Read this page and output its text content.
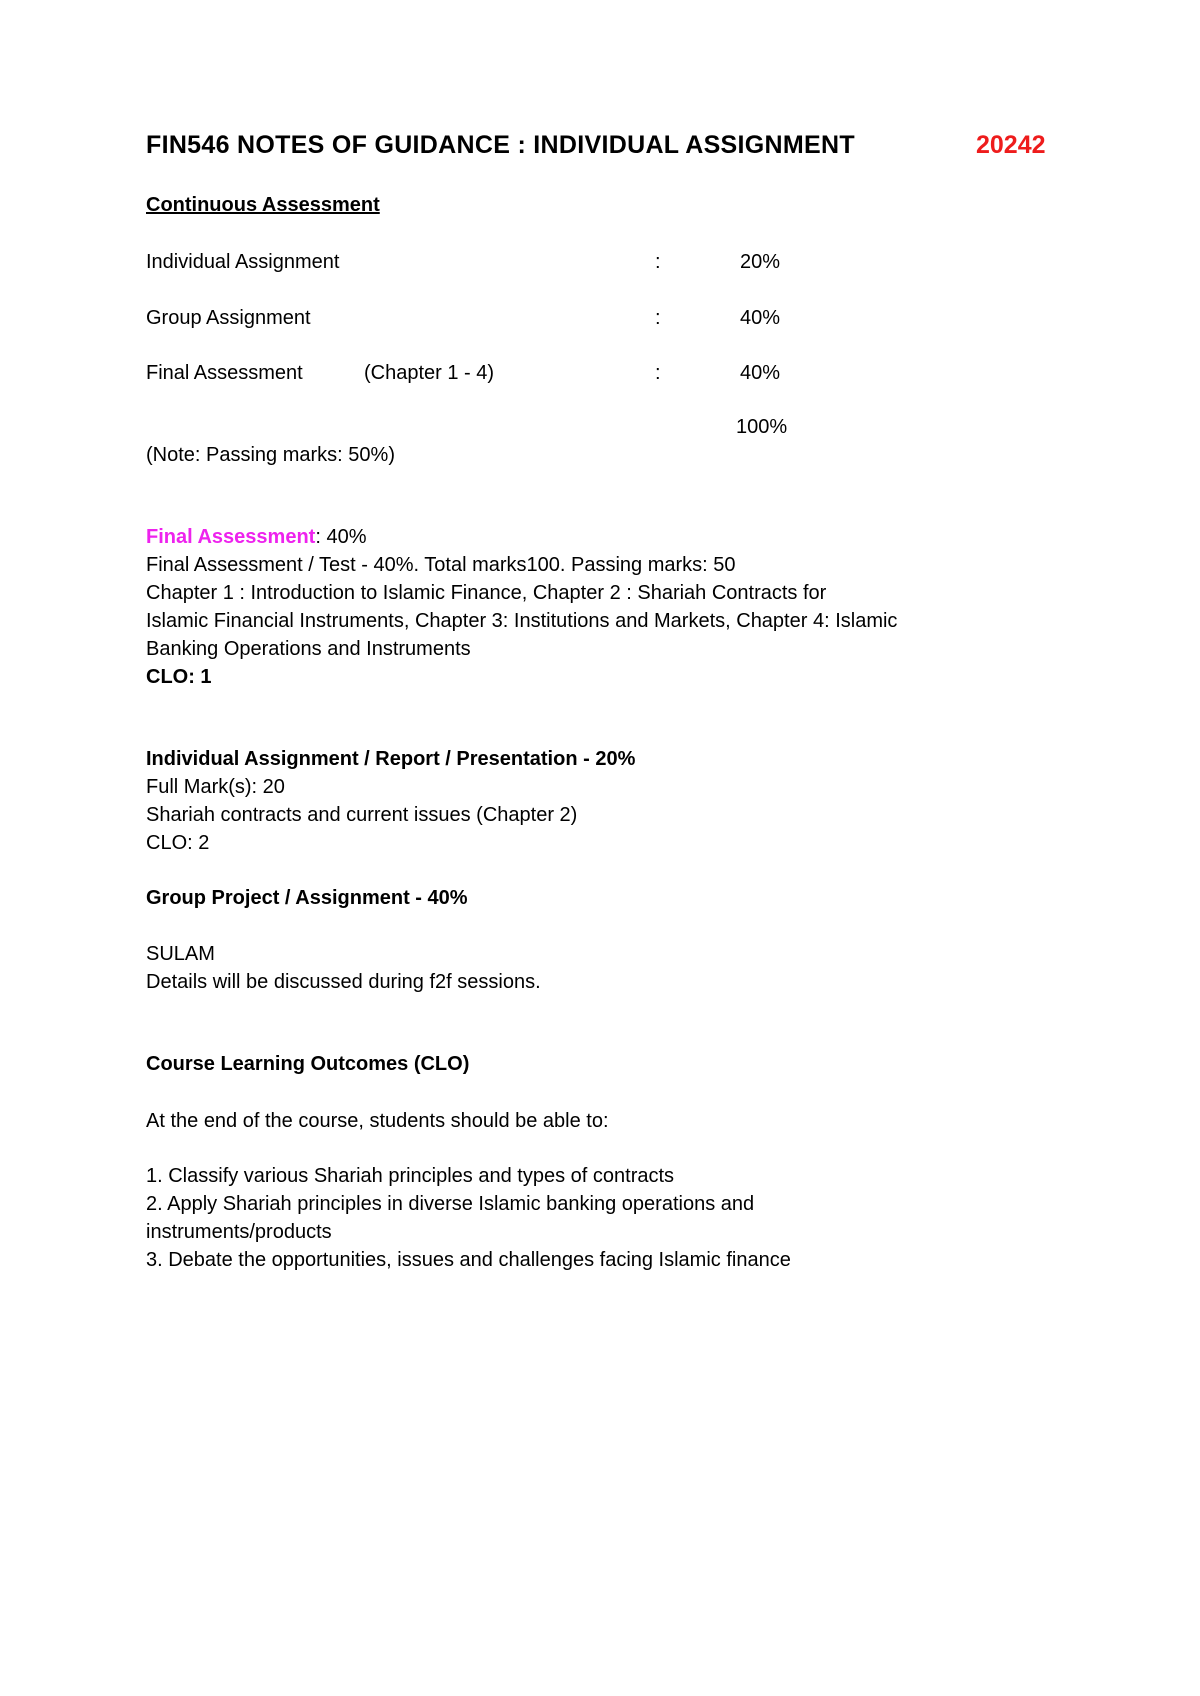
FIN546 NOTES OF GUIDANCE : INDIVIDUAL ASSIGNMENT	20242
Continuous Assessment
Individual Assignment	:	20%
Group Assignment	:	40%
Final Assessment	(Chapter 1 - 4)	:	40%
100%
(Note: Passing marks: 50%)

Final Assessment: 40%

Final Assessment / Test - 40%. Total marks100. Passing marks: 50

Chapter 1 : Introduction to Islamic Finance, Chapter 2 : Shariah Contracts for

Islamic Financial Instruments, Chapter 3: Institutions and Markets, Chapter 4: Islamic

Banking Operations and Instruments

CLO: 1

Individual Assignment / Report / Presentation - 20%

Full Mark(s): 20

Shariah contracts and current issues (Chapter 2)

CLO: 2

Group Project / Assignment - 40%

SULAM

Details will be discussed during f2f sessions.

Course Learning Outcomes (CLO)

At the end of the course, students should be able to:

1. Classify various Shariah principles and types of contracts

2. Apply Shariah principles in diverse Islamic banking operations and

instruments/products

3. Debate the opportunities, issues and challenges facing Islamic finance
